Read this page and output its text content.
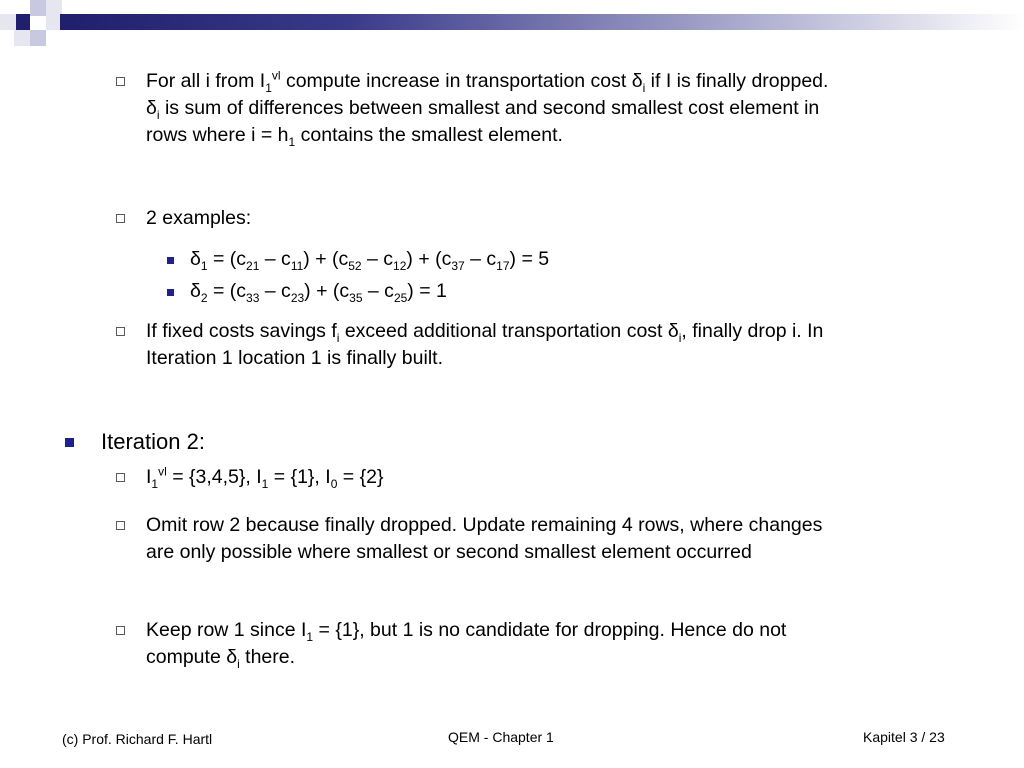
For all i from $I_1^{vl}$ compute increase in transportation cost $\delta_i$ if I is finally dropped.
$\delta_i$ is sum of differences between smallest and second smallest cost element in
rows where $i = h_1$ contains the smallest element.
2 examples:
$\delta_1 = (c_{21} - c_{11}) + (c_{52} - c_{12}) + (c_{37} - c_{17}) = 5$
$\delta_2 = (c_{33} - c_{23}) + (c_{35} - c_{25}) = 1$
If fixed costs savings $f_i$ exceed additional transportation cost $\delta_i$, finally drop i. In
Iteration 1 location 1 is finally built.
Iteration 2:
$I_1^{vl} = \{3,4,5\}$, $I_1 = \{1\}$, $I_0 = \{2\}$
Omit row 2 because finally dropped. Update remaining 4 rows, where changes
are only possible where smallest or second smallest element occurred
Keep row 1 since $I_1 = \{1\}$, but 1 is no candidate for dropping. Hence do not
compute $\delta_i$ there.
(c) Prof. Richard F. Hartl	QEM - Chapter 1	Kapitel 3 / 23
